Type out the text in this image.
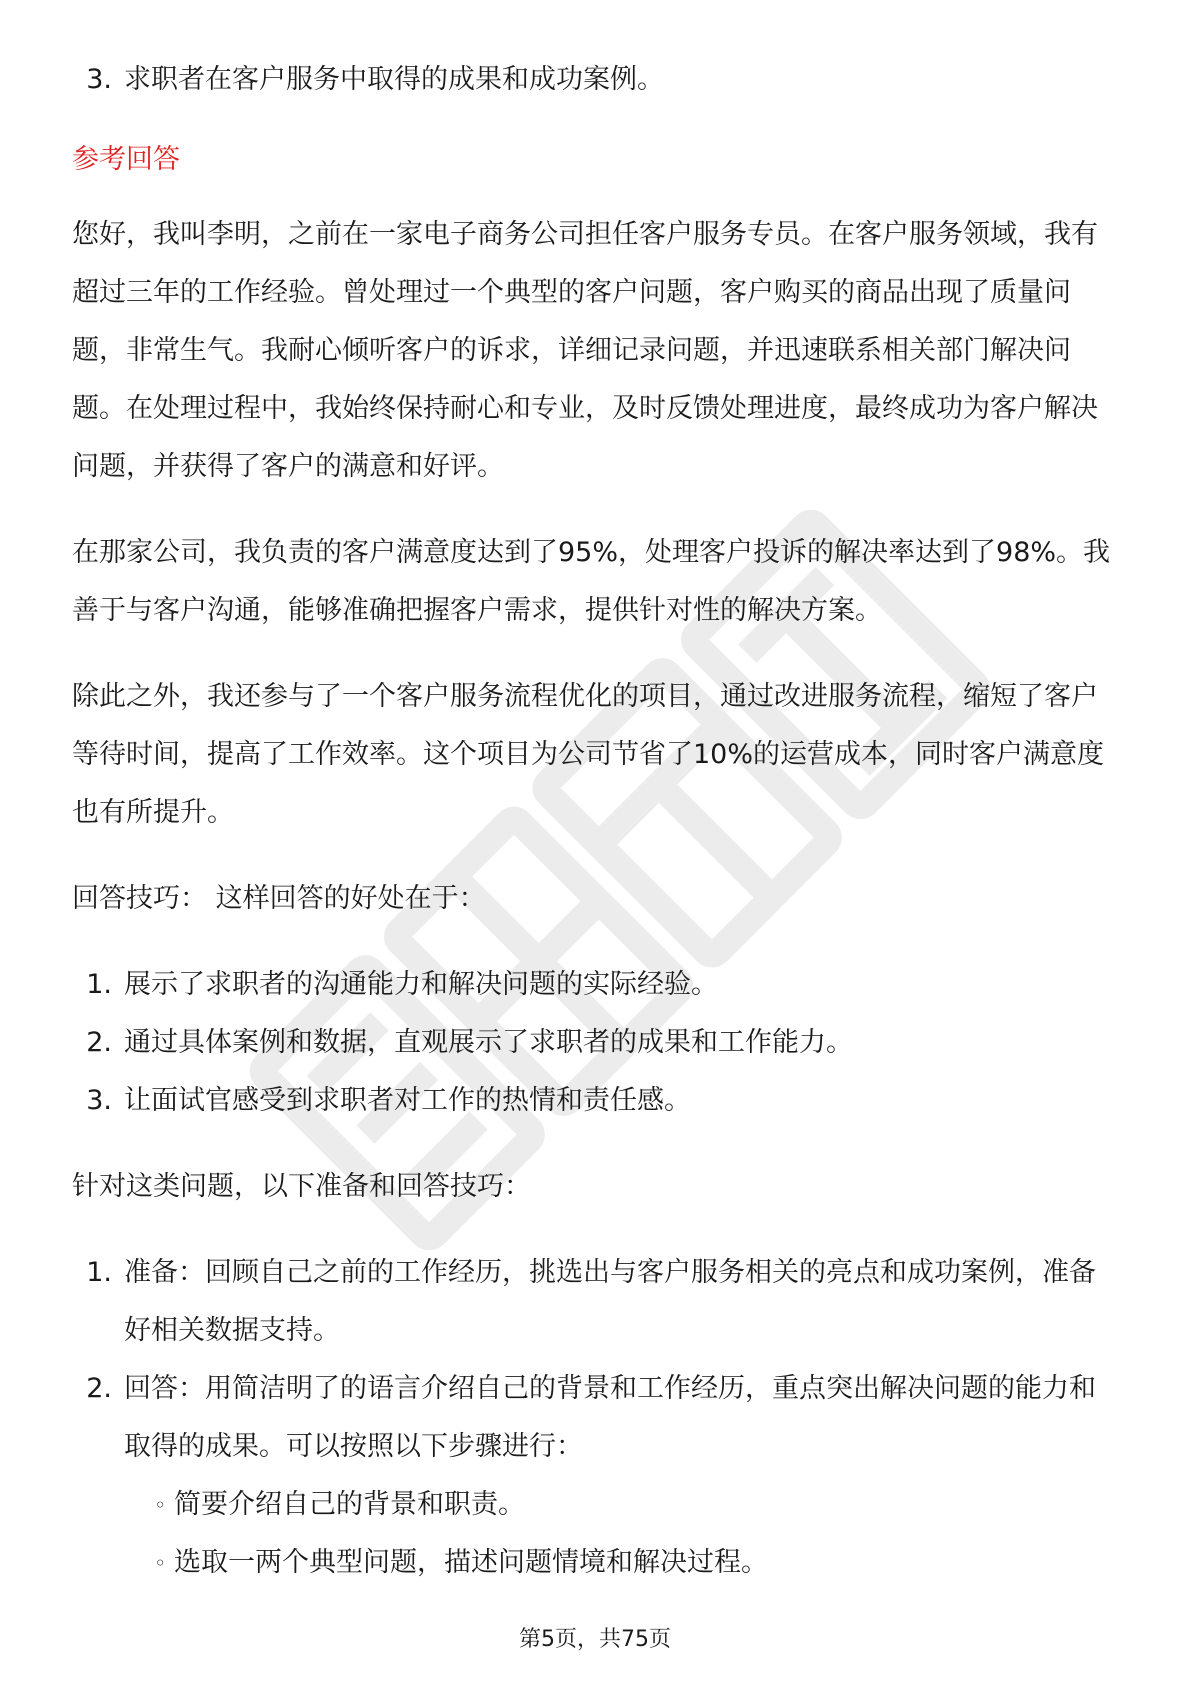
3. 求职者在客户服务中取得的成果和成功案例。
参考回答

您好，我叫李明，之前在一家电子商务公司担任客户服务专员。在客户服务领域，我有超过三年的工作经验。曾处理过一个典型的客户问题，客户购买的商品出现了质量问题，非常生气。我耐心倾听客户的诉求，详细记录问题，并迅速联系相关部门解决问题。在处理过程中，我始终保持耐心和专业，及时反馈处理进度，最终成功为客户解决问题，并获得了客户的满意和好评。

在那家公司，我负责的客户满意度达到了95%，处理客户投诉的解决率达到了98%。我善于与客户沟通，能够准确把握客户需求，提供针对性的解决方案。

除此之外，我还参与了一个客户服务流程优化的项目，通过改进服务流程，缩短了客户等待时间，提高了工作效率。这个项目为公司节省了10%的运营成本，同时客户满意度也有所提升。

回答技巧： 这样回答的好处在于：

1. 展示了求职者的沟通能力和解决问题的实际经验。
2. 通过具体案例和数据，直观展示了求职者的成果和工作能力。
3. 让面试官感受到求职者对工作的热情和责任感。

针对这类问题，以下准备和回答技巧：

1. 准备：回顾自己之前的工作经历，挑选出与客户服务相关的亮点和成功案例，准备好相关数据支持。
2. 回答：用简洁明了的语言介绍自己的背景和工作经历，重点突出解决问题的能力和取得的成果。可以按照以下步骤进行：
◦ 简要介绍自己的背景和职责。
◦ 选取一两个典型问题，描述问题情境和解决过程。
第5页，共75页
